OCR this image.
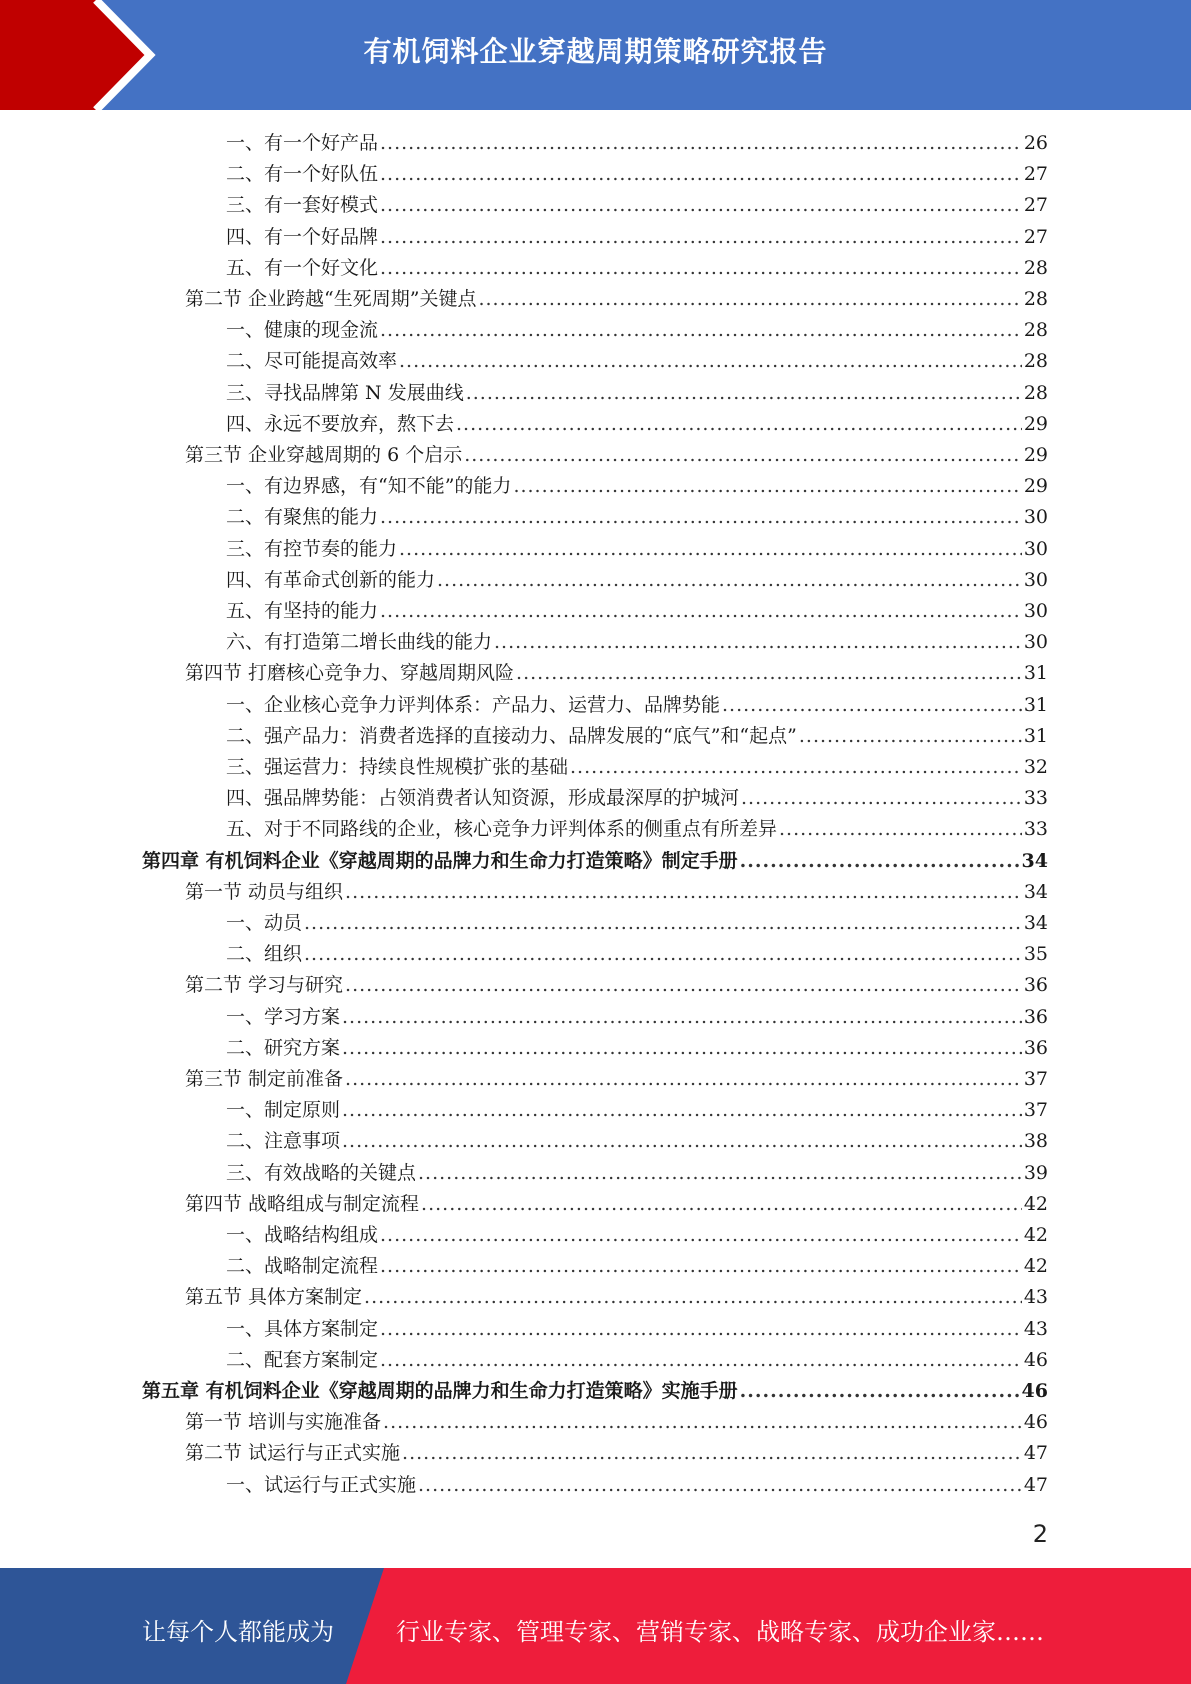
有机饲料企业穿越周期策略研究报告
一、有一个好产品 .....	26
二、有一个好队伍 .....	27
三、有一套好模式 .....	27
四、有一个好品牌 .....	27
五、有一个好文化 .....	28
第二节 企业跨越“生死周期”关键点 .....	28
一、健康的现金流 .....	28
二、尽可能提高效率 .....	28
三、寻找品牌第 N 发展曲线 .....	28
四、永远不要放弃，熬下去 .....	29
第三节 企业穿越周期的 6 个启示 .....	29
一、有边界感，有“知不能”的能力 .....	29
二、有聚焦的能力 .....	30
三、有控节奏的能力 .....	30
四、有革命式创新的能力 .....	30
五、有坚持的能力 .....	30
六、有打造第二增长曲线的能力 .....	30
第四节 打磨核心竞争力、穿越周期风险 .....	31
一、企业核心竞争力评判体系：产品力、运营力、品牌势能 .....	31
二、强产品力：消费者选择的直接动力、品牌发展的“底气”和“起点” .....	31
三、强运营力：持续良性规模扩张的基础 .....	32
四、强品牌势能：占领消费者认知资源，形成最深厚的护城河 .....	33
五、对于不同路线的企业，核心竞争力评判体系的侧重点有所差异 .....	33
第四章 有机饲料企业《穿越周期的品牌力和生命力打造策略》制定手册 .....	34
第一节 动员与组织 .....	34
一、动员 .....	34
二、组织 .....	35
第二节 学习与研究 .....	36
一、学习方案 .....	36
二、研究方案 .....	36
第三节 制定前准备 .....	37
一、制定原则 .....	37
二、注意事项 .....	38
三、有效战略的关键点 .....	39
第四节 战略组成与制定流程 .....	42
一、战略结构组成 .....	42
二、战略制定流程 .....	42
第五节 具体方案制定 .....	43
一、具体方案制定 .....	43
二、配套方案制定 .....	46
第五章 有机饲料企业《穿越周期的品牌力和生命力打造策略》实施手册 .....	46
第一节 培训与实施准备 .....	46
第二节 试运行与正式实施 .....	47
一、试运行与正式实施 .....	47
2
让每个人都能成为	行业专家、管理专家、营销专家、战略专家、成功企业家……
